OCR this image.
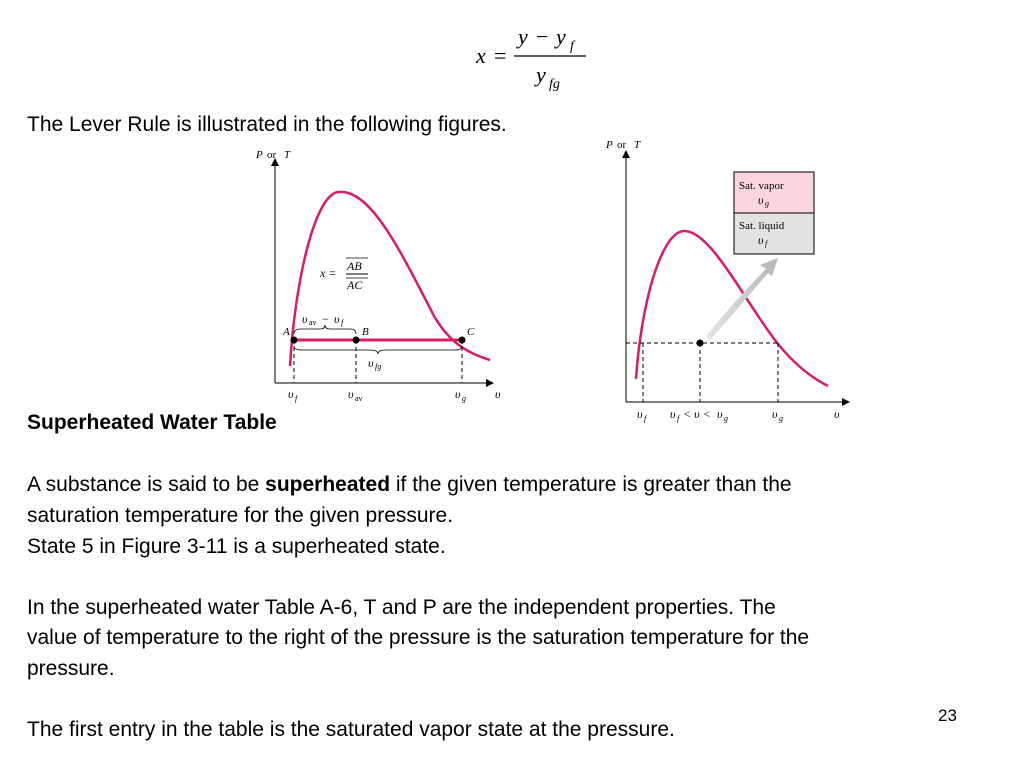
x =
y − y f
y fg
The Lever Rule is illustrated in the following figures.
P or T
A	B	C
x = AB
AC
υ av − υ f
υ fg
υ f	υ av	υ g υ
P or T
Sat. vapor
υ g
Sat. liquid
υ f
υ f υ f < υ < υ g	υ g	υ
Superheated Water Table
A substance is said to be superheated if the given temperature is greater than the
saturation temperature for the given pressure.
State 5 in Figure 3-11 is a superheated state.
In the superheated water Table A-6, T and P are the independent properties. The
value of temperature to the right of the pressure is the saturation temperature for the
pressure.
The first entry in the table is the saturated vapor state at the pressure.
23
